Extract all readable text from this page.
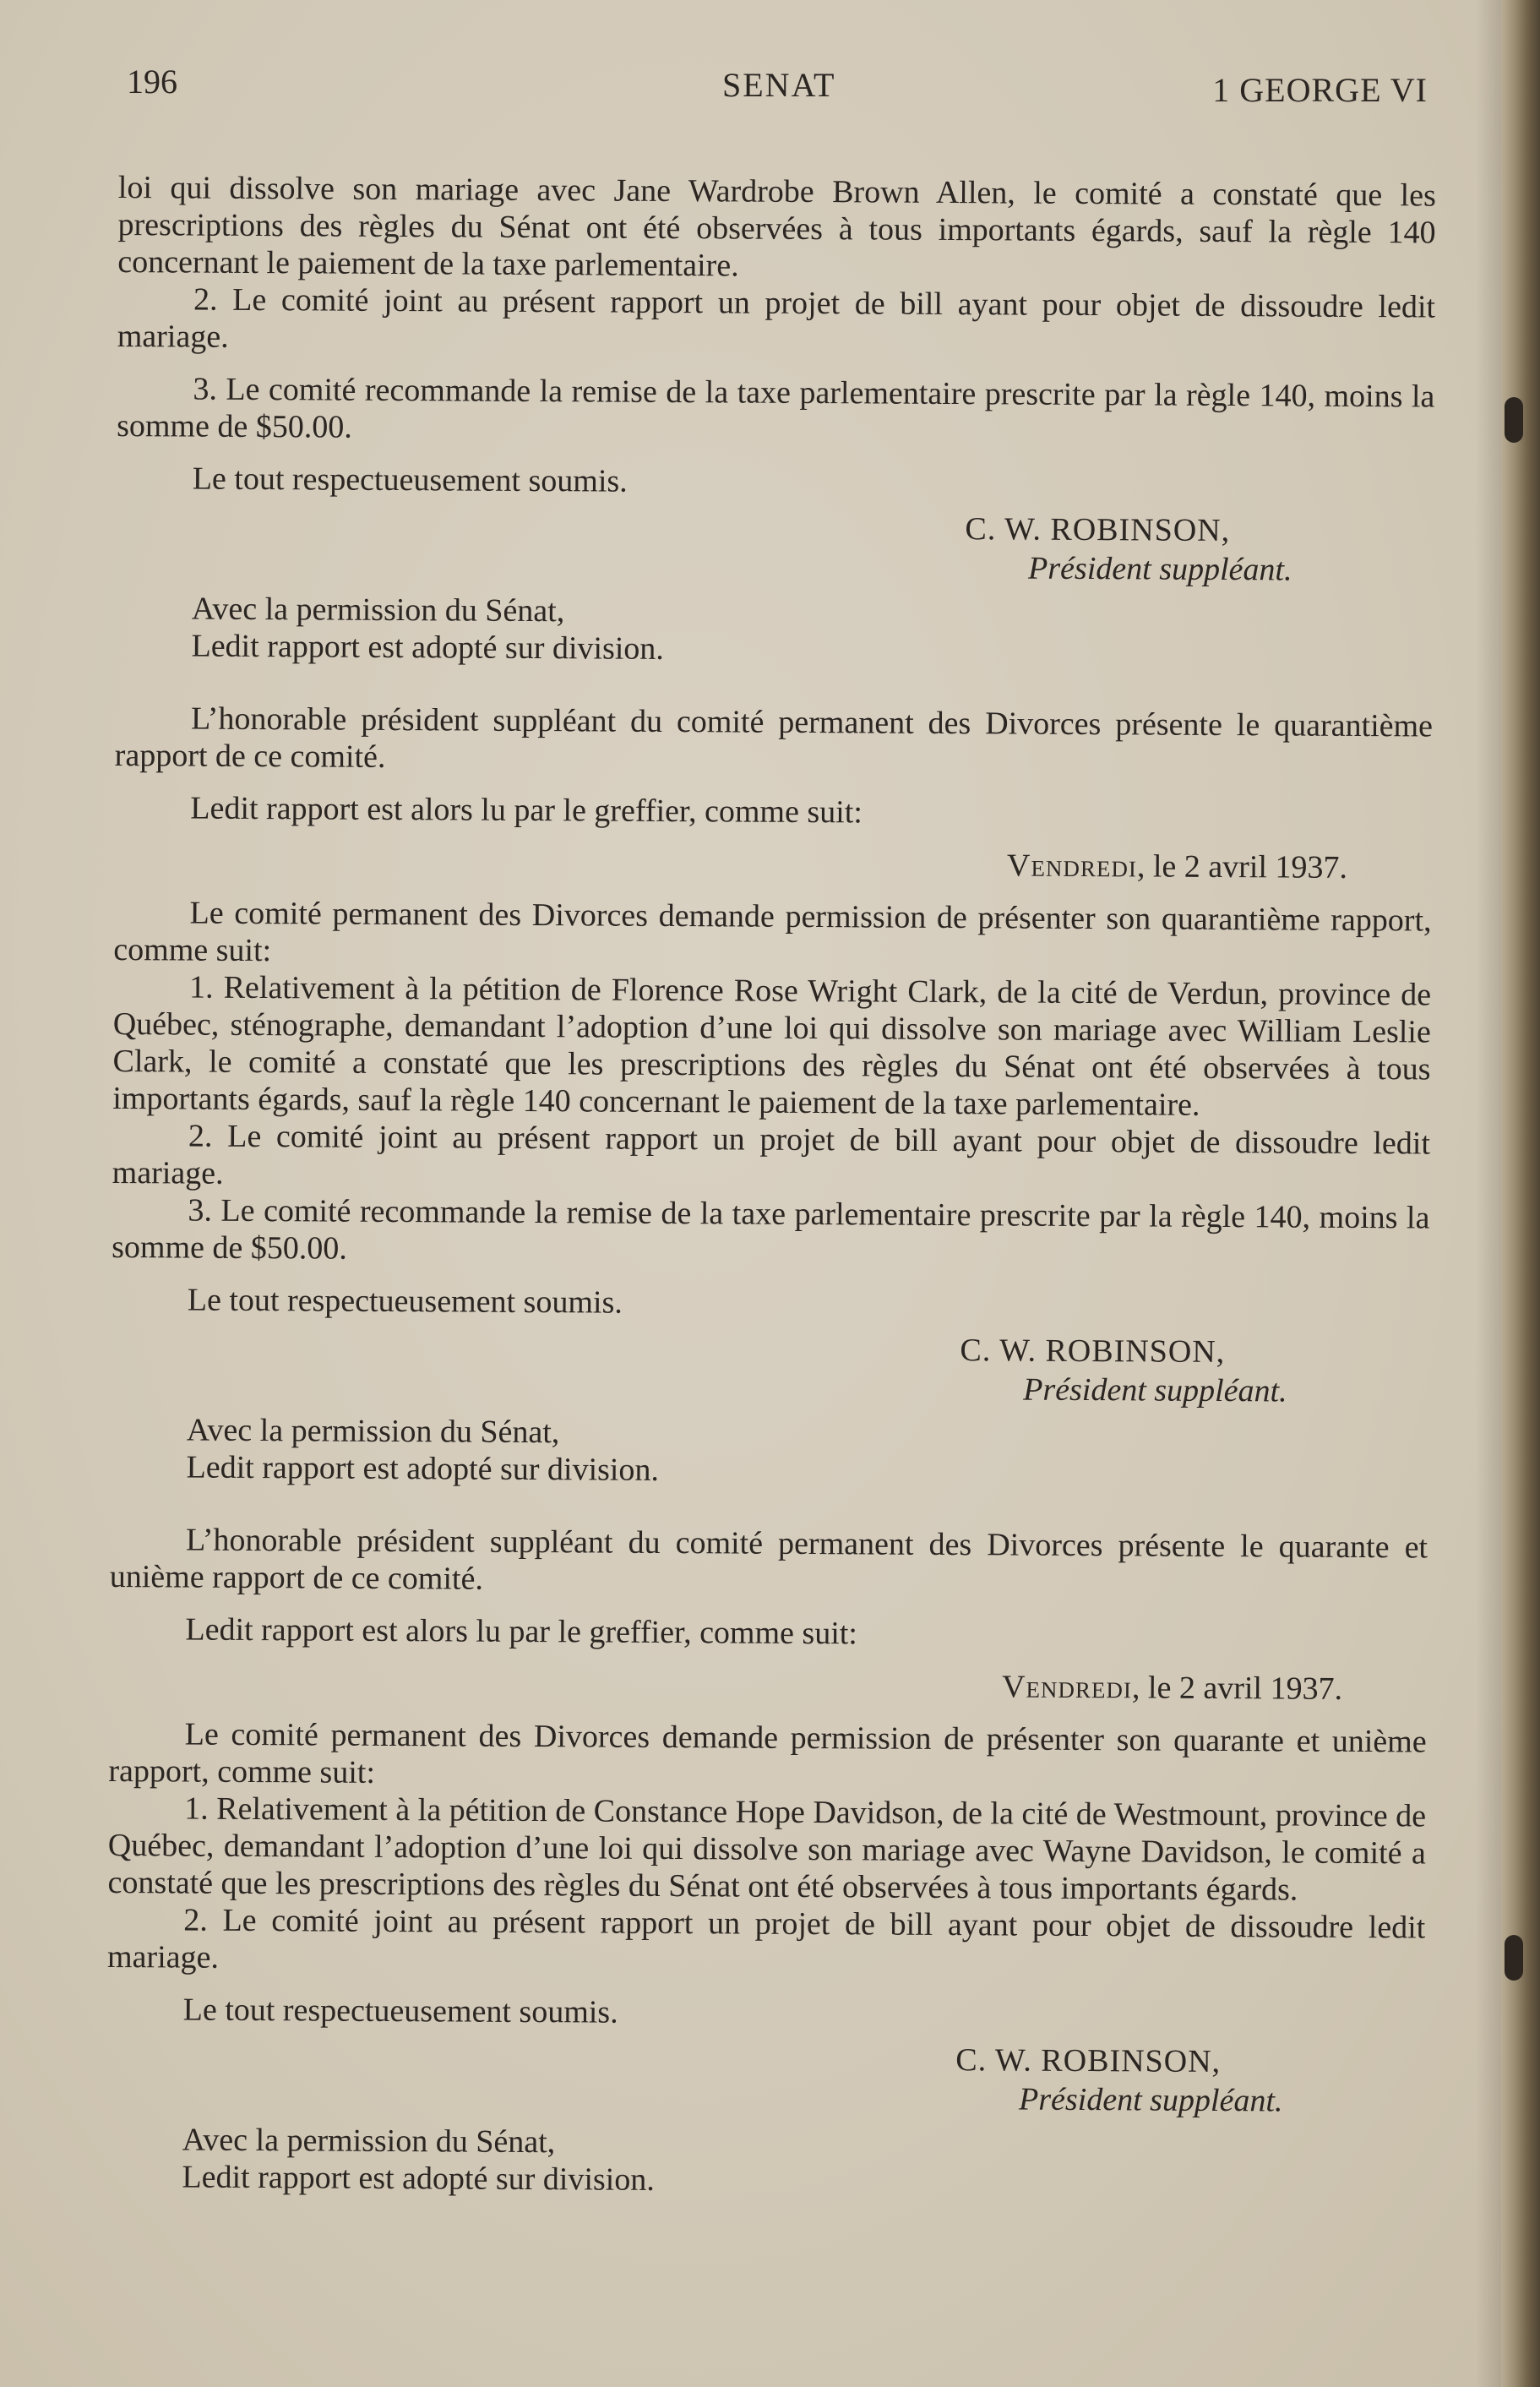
196	SENAT	1 GEORGE VI

loi qui dissolve son mariage avec Jane Wardrobe Brown Allen, le comité a constaté que les prescriptions des règles du Sénat ont été observées à tous importants égards, sauf la règle 140 concernant le paiement de la taxe parlementaire.

2. Le comité joint au présent rapport un projet de bill ayant pour objet de dissoudre ledit mariage.

3. Le comité recommande la remise de la taxe parlementaire prescrite par la règle 140, moins la somme de $50.00.

Le tout respectueusement soumis.

C. W. ROBINSON,
Président suppléant.

Avec la permission du Sénat,

Ledit rapport est adopté sur division.

L’honorable président suppléant du comité permanent des Divorces présente le quarantième rapport de ce comité.

Ledit rapport est alors lu par le greffier, comme suit:

Vendredi, le 2 avril 1937.

Le comité permanent des Divorces demande permission de présenter son quarantième rapport, comme suit:

1. Relativement à la pétition de Florence Rose Wright Clark, de la cité de Verdun, province de Québec, sténographe, demandant l’adoption d’une loi qui dissolve son mariage avec William Leslie Clark, le comité a constaté que les prescriptions des règles du Sénat ont été observées à tous importants égards, sauf la règle 140 concernant le paiement de la taxe parlementaire.

2. Le comité joint au présent rapport un projet de bill ayant pour objet de dissoudre ledit mariage.

3. Le comité recommande la remise de la taxe parlementaire prescrite par la règle 140, moins la somme de $50.00.

Le tout respectueusement soumis.

C. W. ROBINSON,
Président suppléant.

Avec la permission du Sénat,

Ledit rapport est adopté sur division.

L’honorable président suppléant du comité permanent des Divorces présente le quarante et unième rapport de ce comité.

Ledit rapport est alors lu par le greffier, comme suit:

Vendredi, le 2 avril 1937.

Le comité permanent des Divorces demande permission de présenter son quarante et unième rapport, comme suit:

1. Relativement à la pétition de Constance Hope Davidson, de la cité de Westmount, province de Québec, demandant l’adoption d’une loi qui dissolve son mariage avec Wayne Davidson, le comité a constaté que les prescriptions des règles du Sénat ont été observées à tous importants égards.

2. Le comité joint au présent rapport un projet de bill ayant pour objet de dissoudre ledit mariage.

Le tout respectueusement soumis.

C. W. ROBINSON,
Président suppléant.

Avec la permission du Sénat,

Ledit rapport est adopté sur division.
